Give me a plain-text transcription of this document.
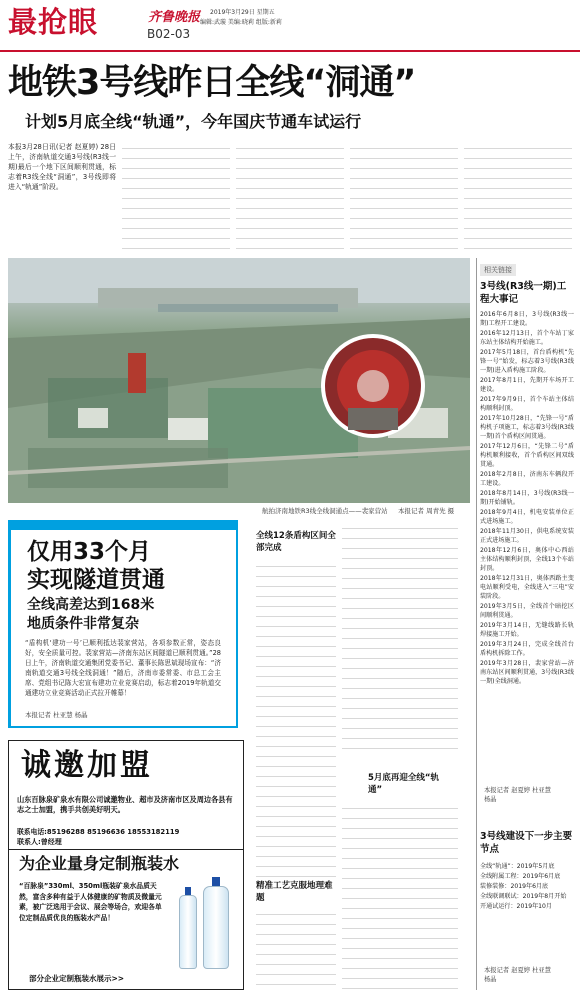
最抢眼	齐鲁晚报 2019年3月29日 星期五
编辑:武璇 美编:晓莉 组版:新莉
B02-03
地铁3号线昨日全线“洞通”
计划5月底全线“轨通”，今年国庆节通车试运行
本报3月28日讯(记者 赵夏婷) 28日上午，济南轨道交通3号线(R3线一期)最后一个地下区间顺利贯通，标志着R3线全线“洞通”，3号线即将进入“轨通”阶段。
航拍济南地铁R3线全线洞通点——裴家营站 本报记者 周青先 摄
仅用33个月
实现隧道贯通
全线高差达到168米
地质条件非常复杂
“盾构机‘建功一号’已顺利抵达裴家营站，各项参数正常，姿态良好，安全质量可控。裴家营站—济南东站区间隧道已顺利贯通。”28日上午，济南轨道交通集团党委书记、董事长陈思斌现场宣布：“济南轨道交通3号线全线洞通！”随后，济南市委常委、市总工会主席、党组书记陈大宏宣布建功立业竞赛启动，标志着2019年轨道交通建功立业竞赛活动正式拉开帷幕！
本报记者 杜亚慧 杨晶
全线12条盾构区间全部完成
精准工艺克服地理难题
5月底再迎全线“轨通”
诚邀加盟
山东百脉泉矿泉水有限公司诚邀物业、超市及济南市区及周边各县有志之士加盟，携手共创美好明天。
联系电话:85196288 85196636 18553182119
联系人:曾经理
为企业量身定制瓶装水
“百脉泉”330ml、350ml瓶装矿泉水品质天然，富含多种有益于人体健康的矿物质及微量元素，被广泛选用于会议、展会等场合，欢迎各单位定制品质优良的瓶装水产品！
部分企业定制瓶装水展示>>
相关链接
3号线(R3线一期)工程大事记
2016年6月8日，3号线(R3线一期)工程开工建设。
2016年12月13日，首个车站丁家东站主体结构开始施工。
2017年5月18日，首台盾构机“先锋一号”始发，标志着3号线(R3线一期)进入盾构施工阶段。
2017年8月1日，先期开车场开工建设。
2017年9月9日，首个车站主体结构顺利封顶。
2017年10月28日，“先锋一号”盾构机子项施工，标志着3号线(R3线一期)首个盾构区间贯通。
2017年12月6日，“先锋二号”盾构机顺利接收，首个盾构区间双线贯通。
2018年2月8日，济南东车辆段开工建设。
2018年8月14日，3号线(R3线一期)开始铺轨。
2018年9月4日，机电安装单位正式进场施工。
2018年11月30日，供电系统安装正式进场施工。
2018年12月6日，奥体中心西站主体结构顺利封顶，全线13个车站封顶。
2018年12月31日，奥体西路主变电站顺利受电，全线进入“三电”安装阶段。
2019年3月5日，全线首个暗挖区间顺利贯通。
2019年3月14日，无缝线路长轨焊接施工开始。
2019年3月24日，完成全线首台盾构机拆除工作。
2019年3月28日，裴家营站—济南东站区间顺利贯通，3号线(R3线一期)全线洞通。
本报记者 赵夏婷 杜亚慧 杨晶
3号线建设下一步主要节点
全线“轨通”：2019年5月底
全线附属工程：2019年6月底
装修装修：2019年6月底
全线联调联试：2019年8月开始
开通试运行：2019年10月
本报记者 赵夏婷 杜亚慧 杨晶
